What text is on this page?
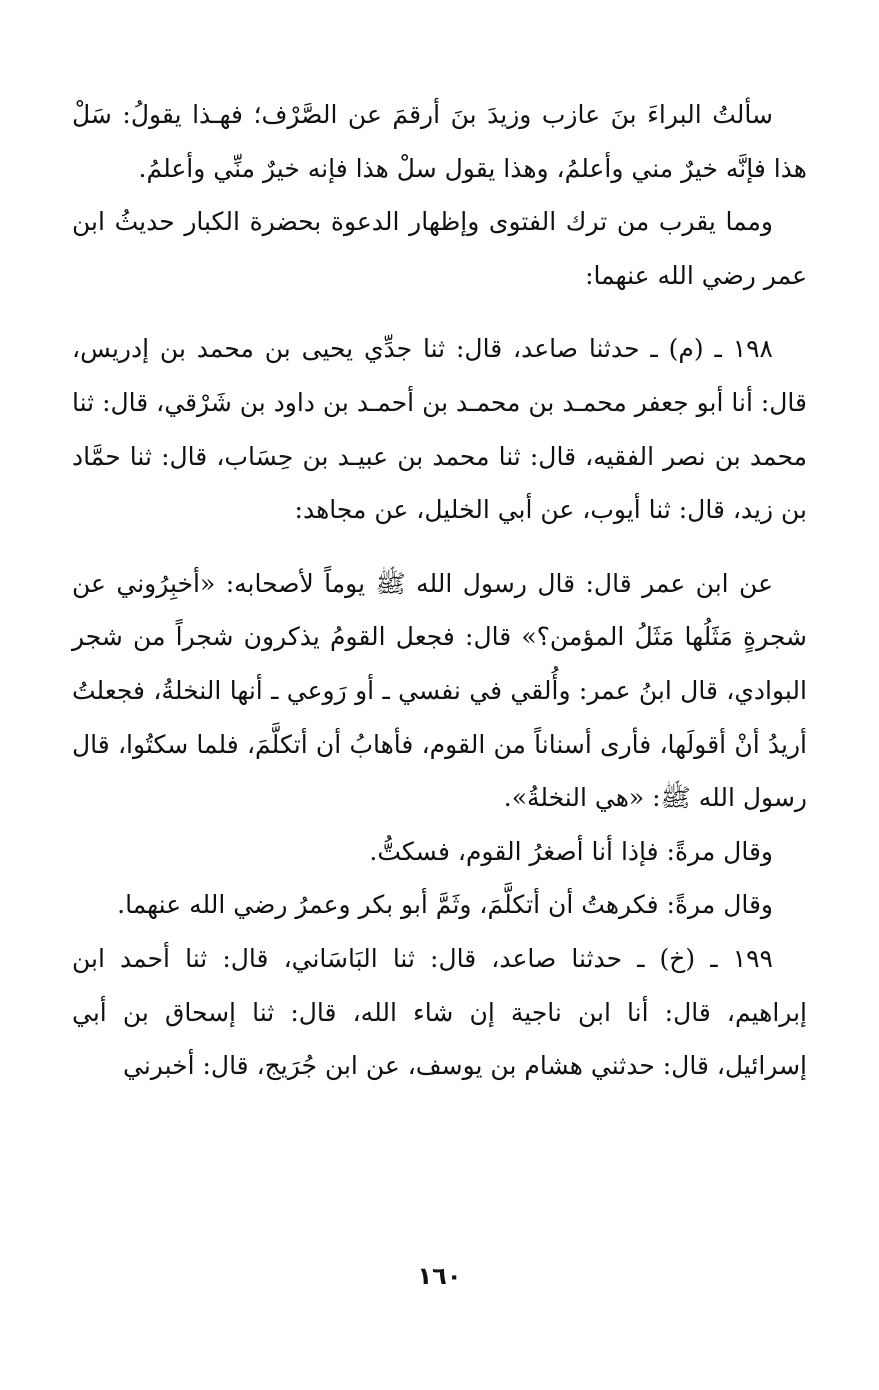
سألتُ البراءَ بنَ عازب وزيدَ بنَ أرقمَ عن الصَّرْف؛ فهـذا يقولُ: سَلْ هذا فإنَّه خيرٌ مني وأعلمُ، وهذا يقول سلْ هذا فإنه خيرٌ منِّي وأعلمُ.

ومما يقرب من ترك الفتوى وإظهار الدعوة بحضرة الكبار حديثُ ابن عمر رضي الله عنهما:

١٩٨ ـ (م) ـ حدثنا صاعد، قال: ثنا جدِّي يحيى بن محمد بن إدريس، قال: أنا أبو جعفر محمـد بن محمـد بن أحمـد بن داود بن شَرْقي، قال: ثنا محمد بن نصر الفقيه، قال: ثنا محمد بن عبيـد بن حِسَاب، قال: ثنا حمَّاد بن زيد، قال: ثنا أيوب، عن أبي الخليل، عن مجاهد:

عن ابن عمر قال: قال رسول الله ﷺ يوماً لأصحابه: «أخبِرُوني عن شجرةٍ مَثَلُها مَثَلُ المؤمن؟» قال: فجعل القومُ يذكرون شجراً من شجر البوادي، قال ابنُ عمر: وأُلقي في نفسي ـ أو رَوعي ـ أنها النخلةُ، فجعلتُ أريدُ أنْ أقولَها، فأرى أسناناً من القوم، فأهابُ أن أتكلَّمَ، فلما سكتُوا، قال رسول الله ﷺ: «هي النخلةُ».

وقال مرةً: فإذا أنا أصغرُ القوم، فسكتُّ.

وقال مرةً: فكرهتُ أن أتكلَّمَ، وثَمَّ أبو بكر وعمرُ رضي الله عنهما.

١٩٩ ـ (خ) ـ حدثنا صاعد، قال: ثنا البَاسَاني، قال: ثنا أحمد ابن إبراهيم، قال: أنا ابن ناجية إن شاء الله، قال: ثنا إسحاق بن أبي إسرائيل، قال: حدثني هشام بن يوسف، عن ابن جُرَيج، قال: أخبرني

١٦٠
